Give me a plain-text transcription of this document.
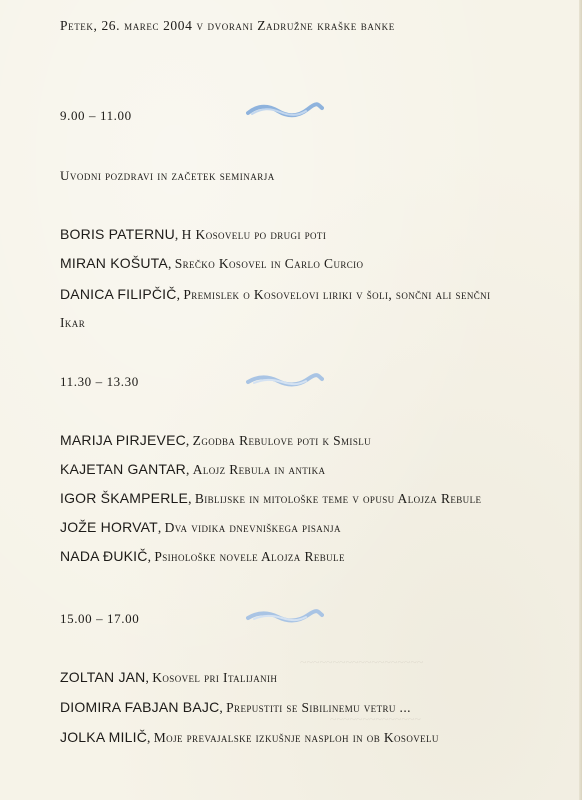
~~~~~~~~~~~~~~~~~~~
~~~~~~~~~~~~~~
Petek, 26. marec 2004 v dvorani Zadružne kraške banke
9.00 – 11.00
Uvodni pozdravi in začetek seminarja
BORIS PATERNU, H Kosovelu po drugi poti
MIRAN KOŠUTA, Srečko Kosovel in Carlo Curcio
DANICA FILIPČIČ, Premislek o Kosovelovi liriki v šoli, sončni ali senčni
Ikar
11.30 – 13.30
MARIJA PIRJEVEC, Zgodba Rebulove poti k Smislu
KAJETAN GANTAR, Alojz Rebula in antika
IGOR ŠKAMPERLE, Biblijske in mitološke teme v opusu Alojza Rebule
JOŽE HORVAT, Dva vidika dnevniškega pisanja
NADA ĐUKIČ, Psihološke novele Alojza Rebule
15.00 – 17.00
ZOLTAN JAN, Kosovel pri Italijanih
DIOMIRA FABJAN BAJC, Prepustiti se Sibilinemu vetru ...
JOLKA MILIČ, Moje prevajalske izkušnje nasploh in ob Kosovelu
